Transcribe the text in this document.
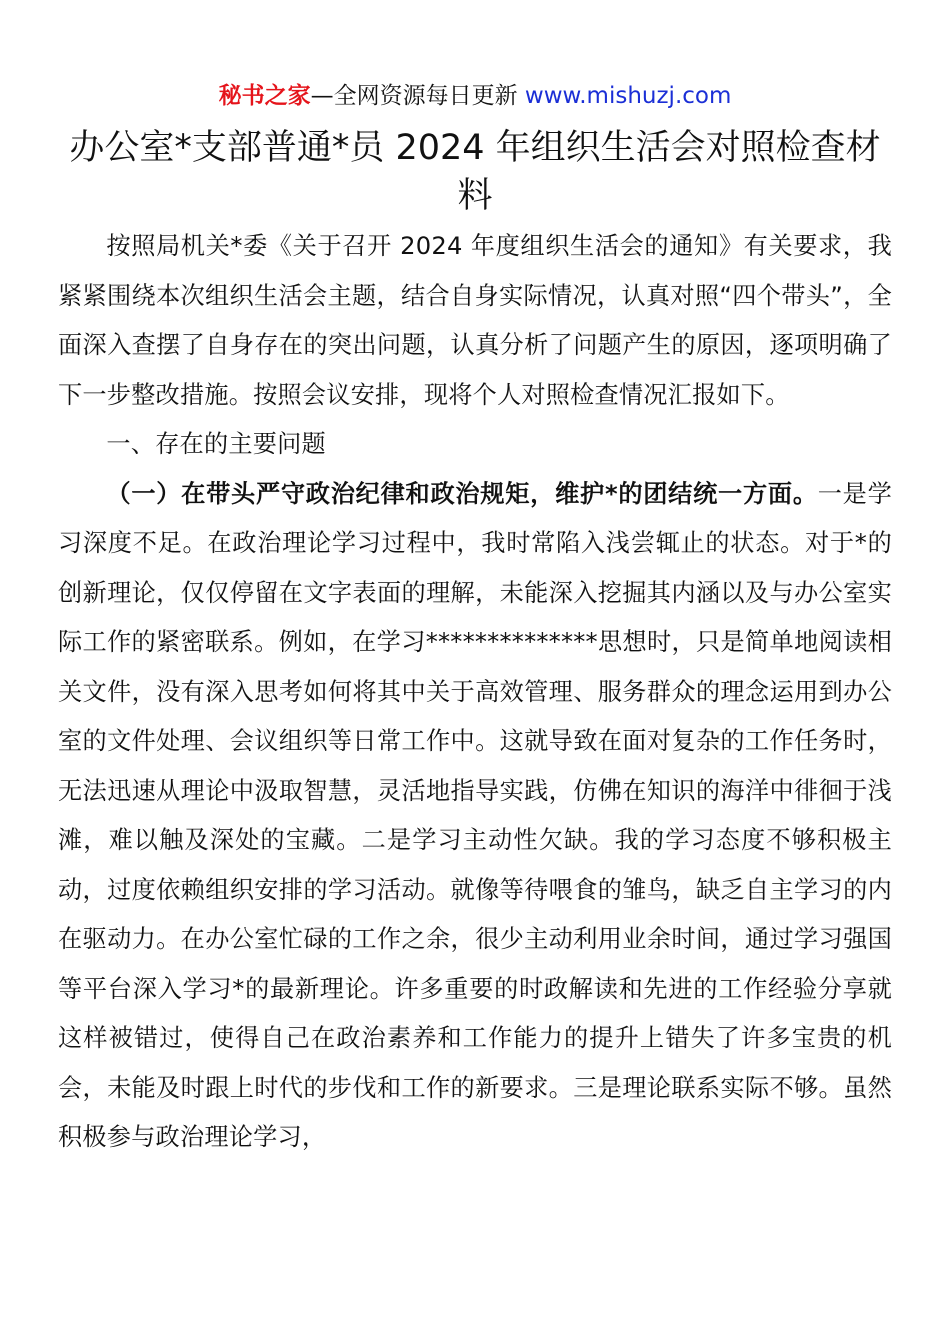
秘书之家—全网资源每日更新 www.mishuzj.com
办公室*支部普通*员 2024 年组织生活会对照检查材料

按照局机关*委《关于召开 2024 年度组织生活会的通知》有关要求，我紧紧围绕本次组织生活会主题，结合自身实际情况，认真对照“四个带头”，全面深入查摆了自身存在的突出问题，认真分析了问题产生的原因，逐项明确了下一步整改措施。按照会议安排，现将个人对照检查情况汇报如下。

一、存在的主要问题

（一）在带头严守政治纪律和政治规矩，维护*的团结统一方面。一是学习深度不足。在政治理论学习过程中，我时常陷入浅尝辄止的状态。对于*的创新理论，仅仅停留在文字表面的理解，未能深入挖掘其内涵以及与办公室实际工作的紧密联系。例如，在学习**************思想时，只是简单地阅读相关文件，没有深入思考如何将其中关于高效管理、服务群众的理念运用到办公室的文件处理、会议组织等日常工作中。这就导致在面对复杂的工作任务时，无法迅速从理论中汲取智慧，灵活地指导实践，仿佛在知识的海洋中徘徊于浅滩，难以触及深处的宝藏。二是学习主动性欠缺。我的学习态度不够积极主动，过度依赖组织安排的学习活动。就像等待喂食的雏鸟，缺乏自主学习的内在驱动力。在办公室忙碌的工作之余，很少主动利用业余时间，通过学习强国等平台深入学习*的最新理论。许多重要的时政解读和先进的工作经验分享就这样被错过，使得自己在政治素养和工作能力的提升上错失了许多宝贵的机会，未能及时跟上时代的步伐和工作的新要求。三是理论联系实际不够。虽然积极参与政治理论学习，
